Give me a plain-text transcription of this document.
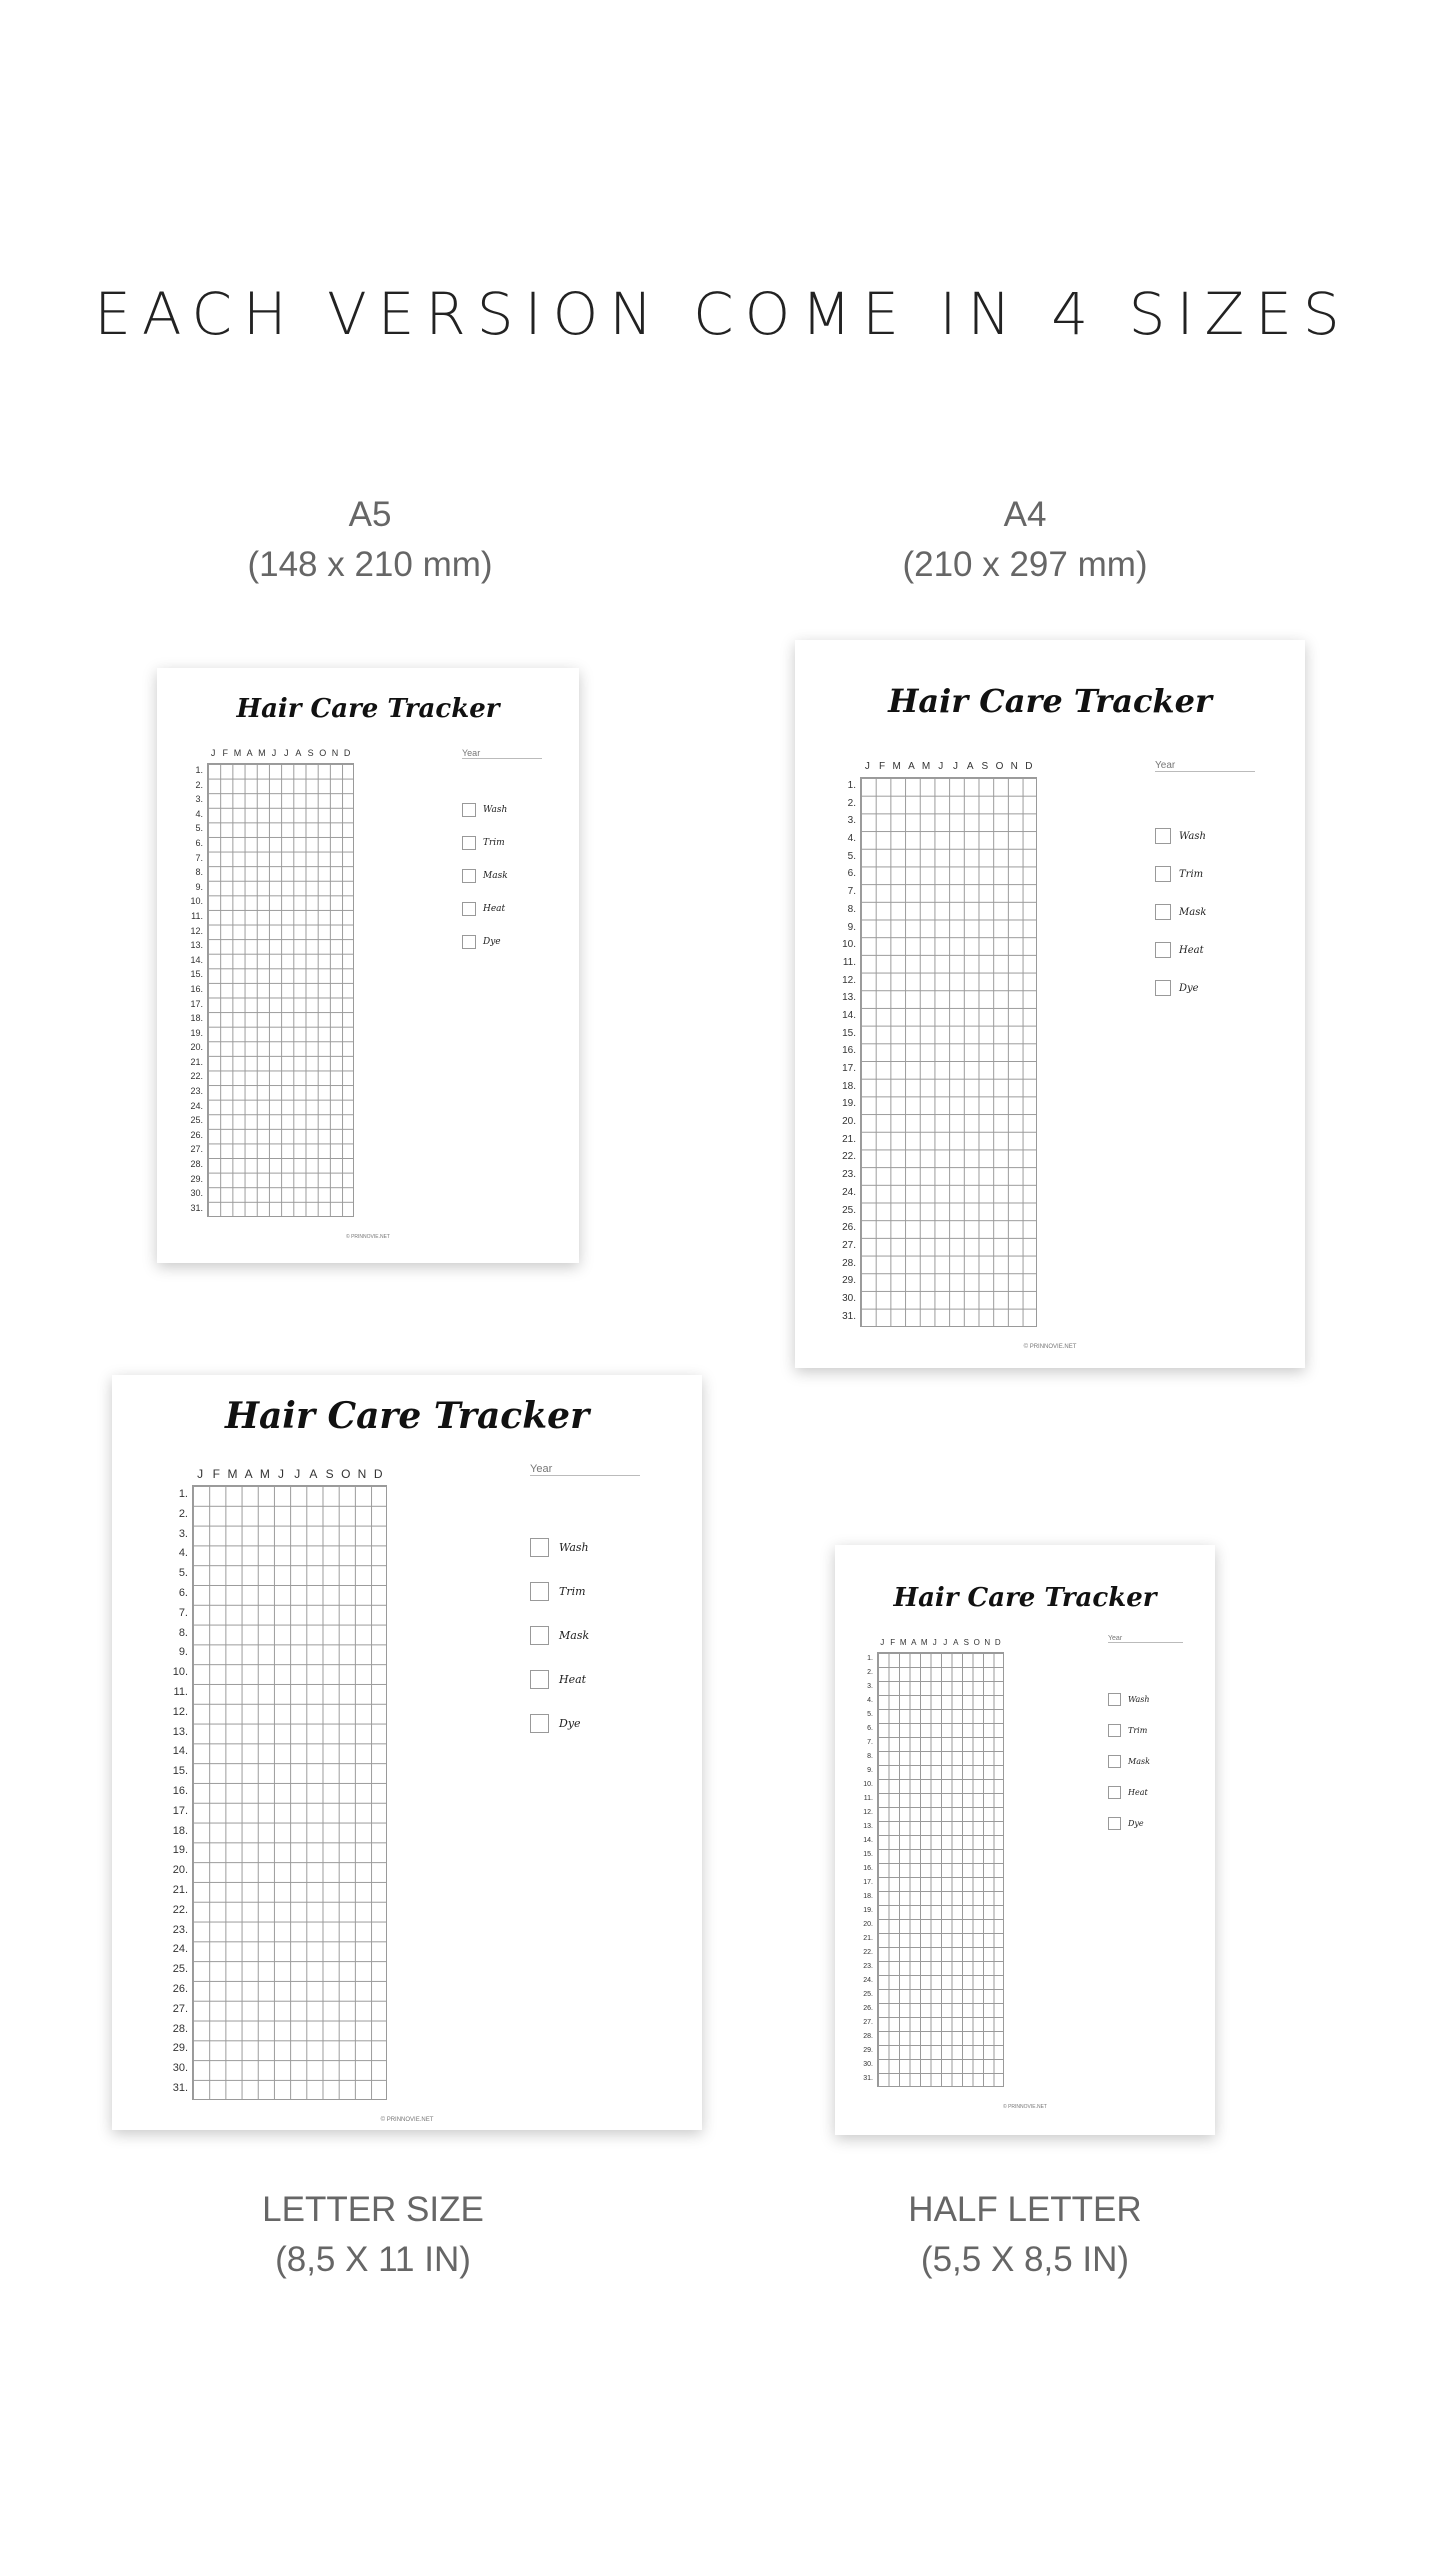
EACH VERSION COME IN 4 SIZES
A5
(148 x 210 mm)
A4
(210 x 297 mm)
LETTER SIZE
(8,5 X 11 IN)
HALF LETTER
(5,5 X 8,5 IN)
Hair Care Tracker
J F M A M J J A S O N D
1.
2.
3.
4.
5.
6.
7.
8.
9.
10.
11.
12.
13.
14.
15.
16.
17.
18.
19.
20.
21.
22.
23.
24.
25.
26.
27.
28.
29.
30.
31.
Year
Wash
Trim
Mask
Heat
Dye
© PRINNOVIE.NET
Hair Care Tracker
J F M A M J J A S O N D
1.
2.
3.
4.
5.
6.
7.
8.
9.
10.
11.
12.
13.
14.
15.
16.
17.
18.
19.
20.
21.
22.
23.
24.
25.
26.
27.
28.
29.
30.
31.
Year
Wash
Trim
Mask
Heat
Dye
© PRINNOVIE.NET
Hair Care Tracker
J F M A M J J A S O N D
1.
2.
3.
4.
5.
6.
7.
8.
9.
10.
11.
12.
13.
14.
15.
16.
17.
18.
19.
20.
21.
22.
23.
24.
25.
26.
27.
28.
29.
30.
31.
Year
Wash
Trim
Mask
Heat
Dye
© PRINNOVIE.NET
Hair Care Tracker
J F M A M J J A S O N D
1.
2.
3.
4.
5.
6.
7.
8.
9.
10.
11.
12.
13.
14.
15.
16.
17.
18.
19.
20.
21.
22.
23.
24.
25.
26.
27.
28.
29.
30.
31.
Year
Wash
Trim
Mask
Heat
Dye
© PRINNOVIE.NET
